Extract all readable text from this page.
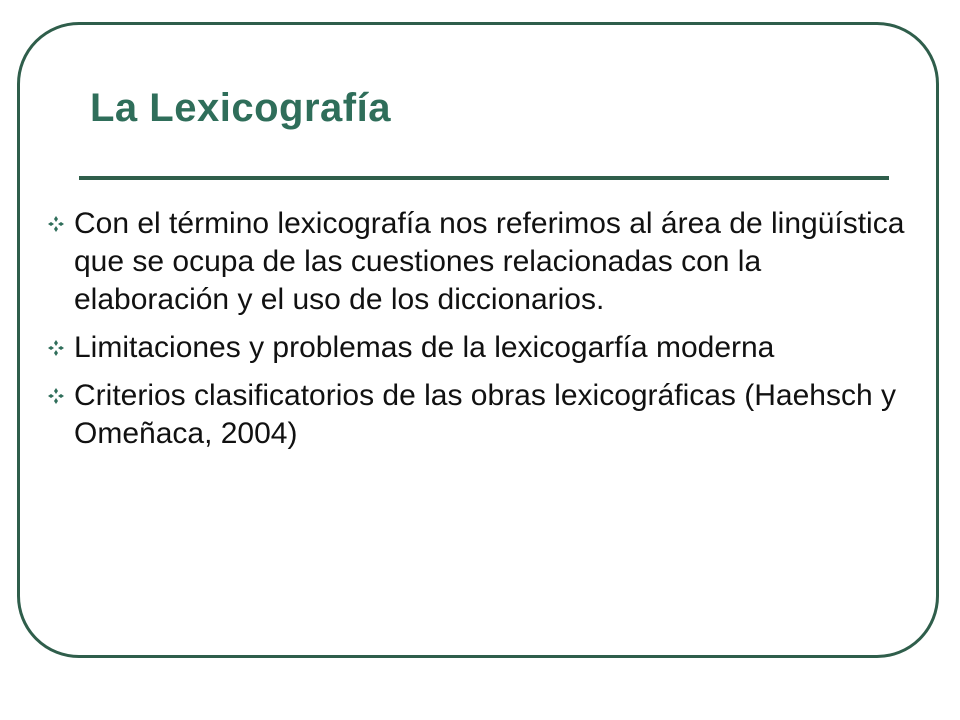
La Lexicografía
Con el término lexicografía nos referimos al área de lingüística que se ocupa de las cuestiones relacionadas con la elaboración y el uso de los diccionarios.
Limitaciones y problemas de la lexicogarfía moderna
Criterios clasificatorios de las obras lexicográficas (Haehsch y Omeñaca, 2004)
